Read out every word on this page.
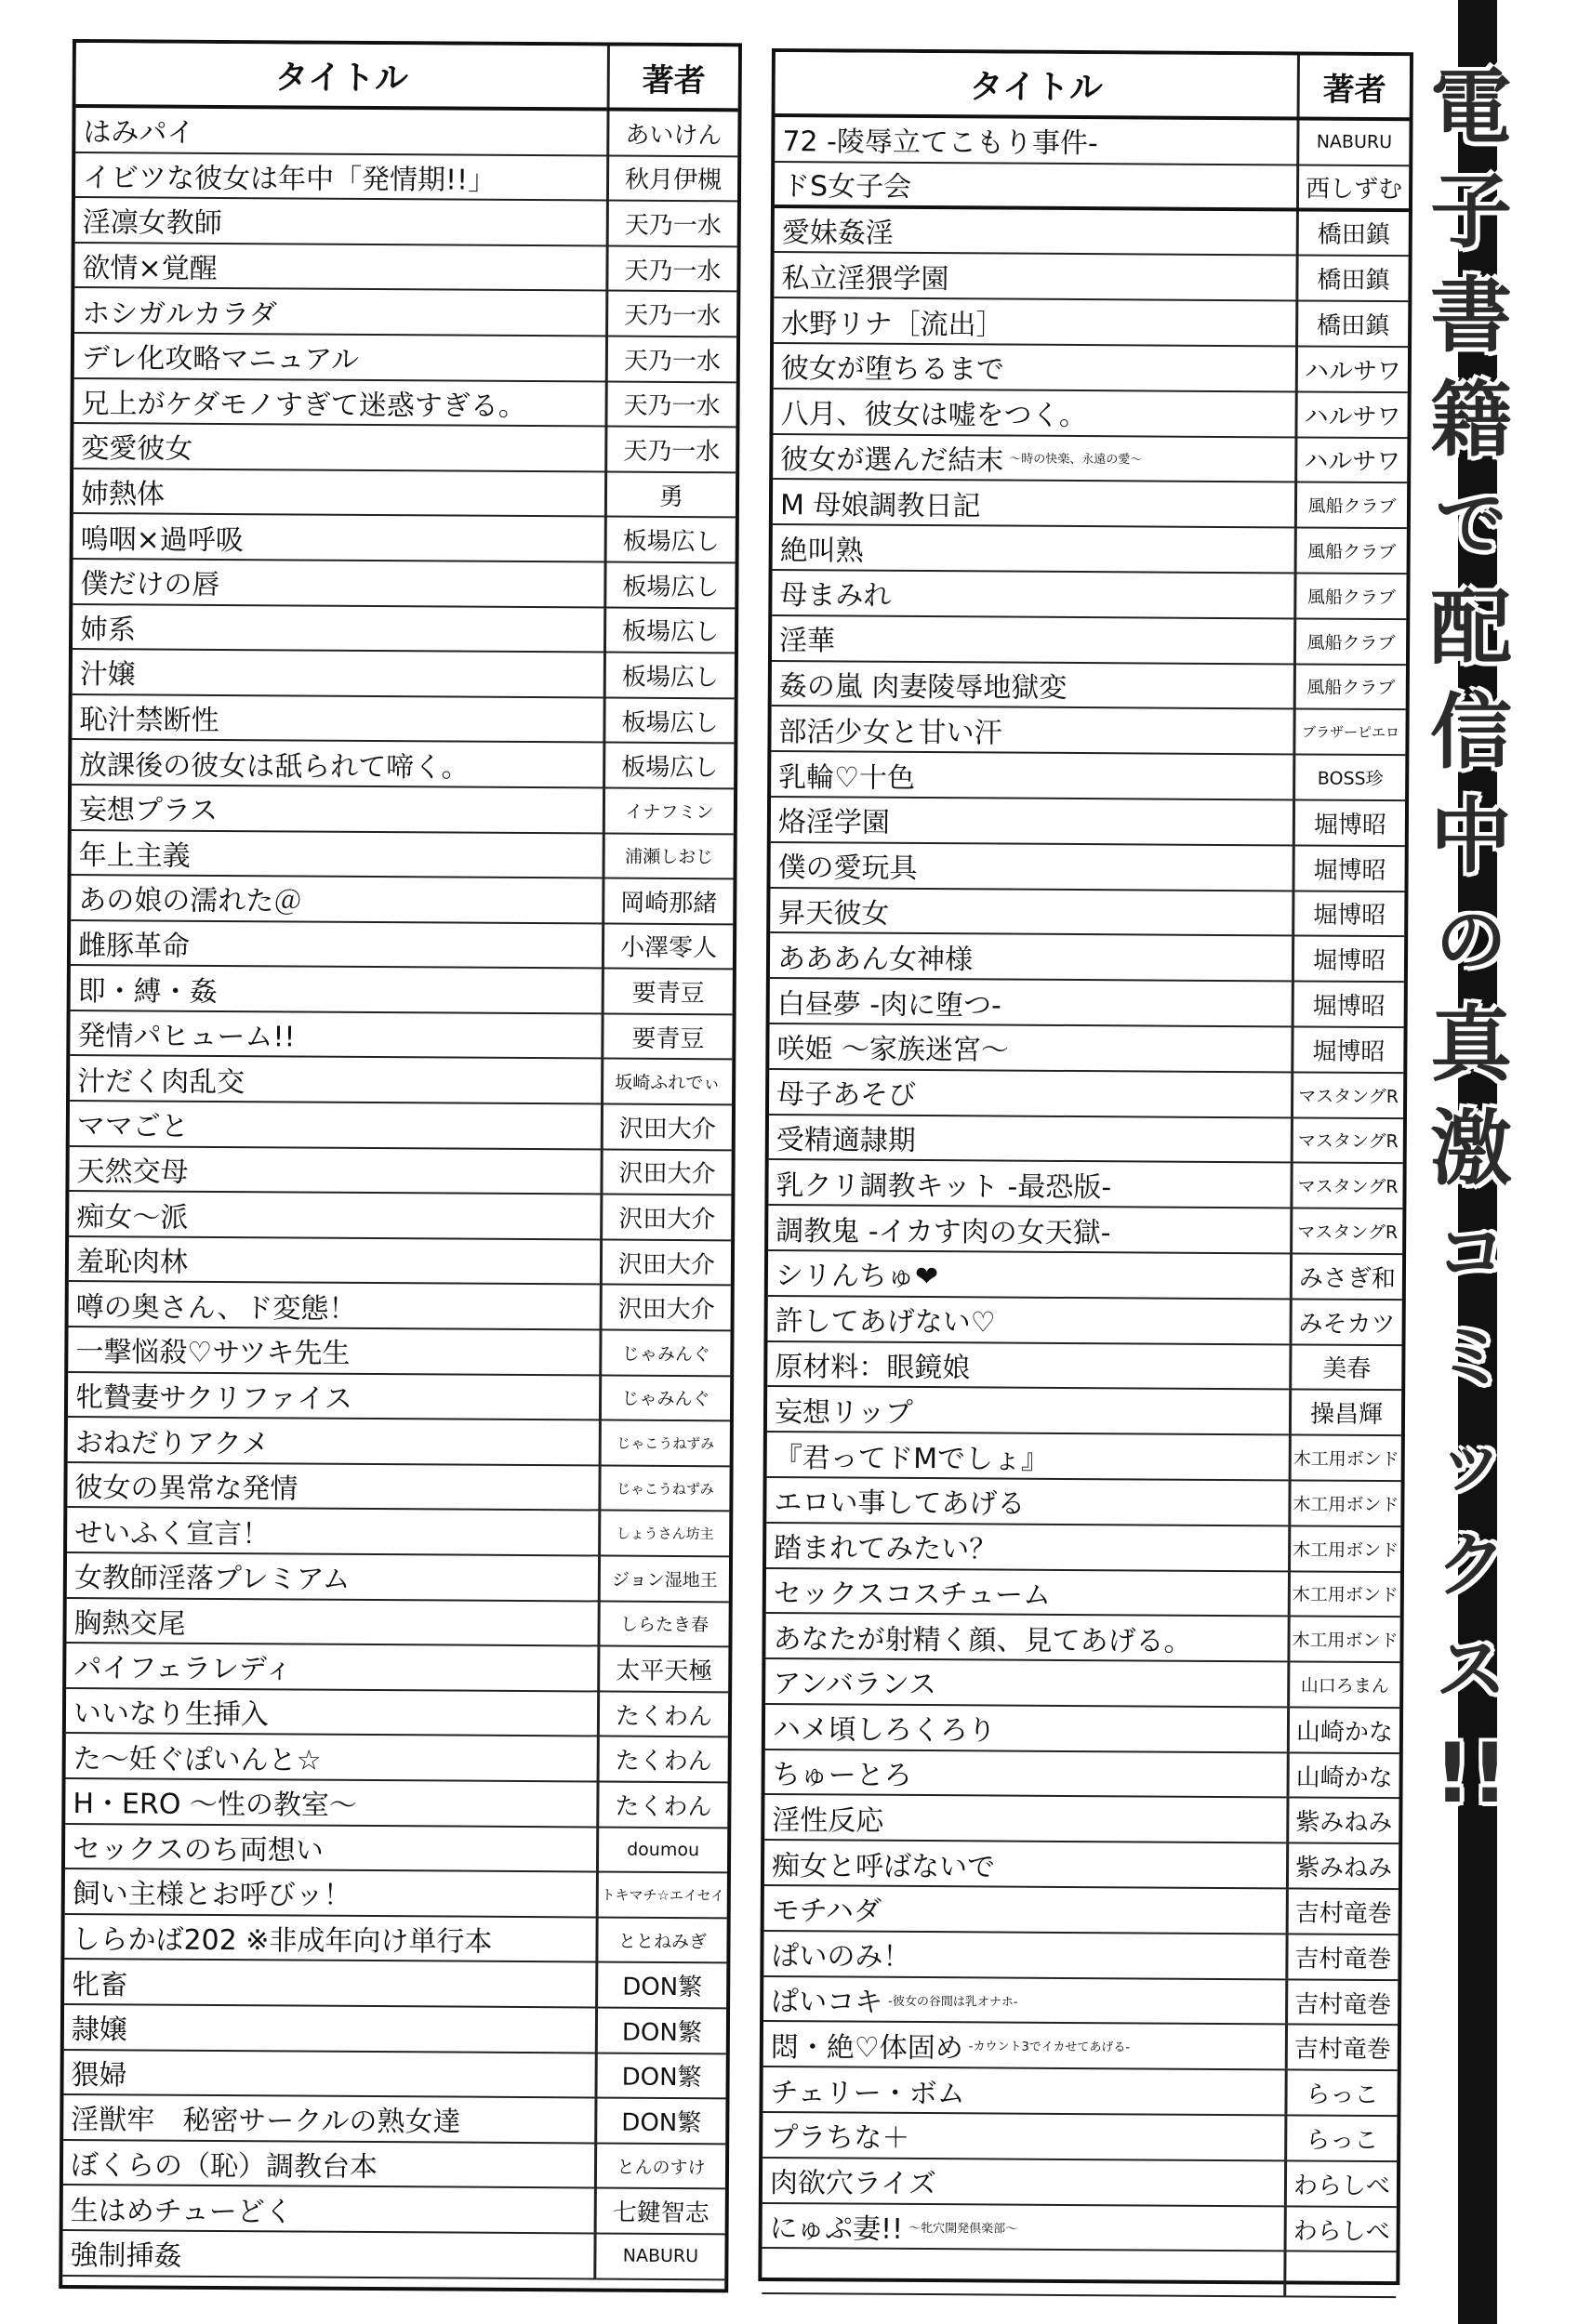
タイトル	著者
はみパイ	あいけん
イビツな彼女は年中「発情期!!」	秋月伊槻
淫凛女教師	天乃一水
欲情×覚醒	天乃一水
ホシガルカラダ	天乃一水
デレ化攻略マニュアル	天乃一水
兄上がケダモノすぎて迷惑すぎる。	天乃一水
変愛彼女	天乃一水
姉熱体	勇
嗚咽×過呼吸	板場広し
僕だけの唇	板場広し
姉系	板場広し
汁嬢	板場広し
恥汁禁断性	板場広し
放課後の彼女は舐られて啼く。	板場広し
妄想プラス	イナフミン
年上主義	浦瀬しおじ
あの娘の濡れた＠	岡崎那緒
雌豚革命	小澤零人
即・縛・姦	要青豆
発情パヒューム!!	要青豆
汁だく肉乱交	坂崎ふれでぃ
ママごと	沢田大介
天然交母	沢田大介
痴女〜派	沢田大介
羞恥肉林	沢田大介
噂の奥さん、ド変態！	沢田大介
一撃悩殺♡サツキ先生	じゃみんぐ
牝贄妻サクリファイス	じゃみんぐ
おねだりアクメ	じゃこうねずみ
彼女の異常な発情	じゃこうねずみ
せいふく宣言！	しょうさん坊主
女教師淫落プレミアム	ジョン湿地王
胸熱交尾	しらたき春
パイフェラレディ	太平天極
いいなり生挿入	たくわん
た〜妊ぐぽいんと☆	たくわん
H・ERO 〜性の教室〜	たくわん
セックスのち両想い	doumou
飼い主様とお呼びッ！	トキマチ☆エイセイ
しらかば202 ※非成年向け単行本	ととねみぎ
牝畜	DON繁
隷嬢	DON繁
猥婦	DON繁
淫獣牢　秘密サークルの熟女達	DON繁
ぼくらの（恥）調教台本	とんのすけ
生はめチューどく	七鍵智志
強制挿姦	NABURU
タイトル	著者
72 -陵辱立てこもり事件-	NABURU
ドS女子会	西しずむ
愛妹姦淫	橋田鎮
私立淫猥学園	橋田鎮
水野リナ［流出］	橋田鎮
彼女が堕ちるまで	ハルサワ
八月、彼女は嘘をつく。	ハルサワ
彼女が選んだ結末 〜時の快楽、永遠の愛〜	ハルサワ
M 母娘調教日記	風船クラブ
絶叫熟	風船クラブ
母まみれ	風船クラブ
淫華	風船クラブ
姦の嵐 肉妻陵辱地獄変	風船クラブ
部活少女と甘い汗	ブラザーピエロ
乳輪♡十色	BOSS珍
烙淫学園	堀博昭
僕の愛玩具	堀博昭
昇天彼女	堀博昭
あああん女神様	堀博昭
白昼夢 -肉に堕つ-	堀博昭
咲姫 〜家族迷宮〜	堀博昭
母子あそび	マスタングR
受精適隷期	マスタングR
乳クリ調教キット -最恐版-	マスタングR
調教鬼 -イカす肉の女天獄-	マスタングR
シリんちゅ❤	みさぎ和
許してあげない♡	みそカツ
原材料：眼鏡娘	美春
妄想リップ	操昌輝
『君ってドMでしょ』	木工用ボンド
エロい事してあげる	木工用ボンド
踏まれてみたい？	木工用ボンド
セックスコスチューム	木工用ボンド
あなたが射精く顔、見てあげる。	木工用ボンド
アンバランス	山口ろまん
ハメ頃しろくろり	山崎かな
ちゅーとろ	山崎かな
淫性反応	紫みねみ
痴女と呼ばないで	紫みねみ
モチハダ	吉村竜巻
ぱいのみ！	吉村竜巻
ぱいコキ -彼女の谷間は乳オナホ-	吉村竜巻
悶・絶♡体固め -カウント3でイカせてあげる-	吉村竜巻
チェリー・ボム	らっこ
プラちな＋	らっこ
肉欲穴ライズ	わらしべ
にゅぷ妻!! 〜牝穴開発倶楽部〜	わらしべ
電
子
書
籍
で
配
信
中
の
真
激
コ
ミ
ッ
ク
ス
!!
